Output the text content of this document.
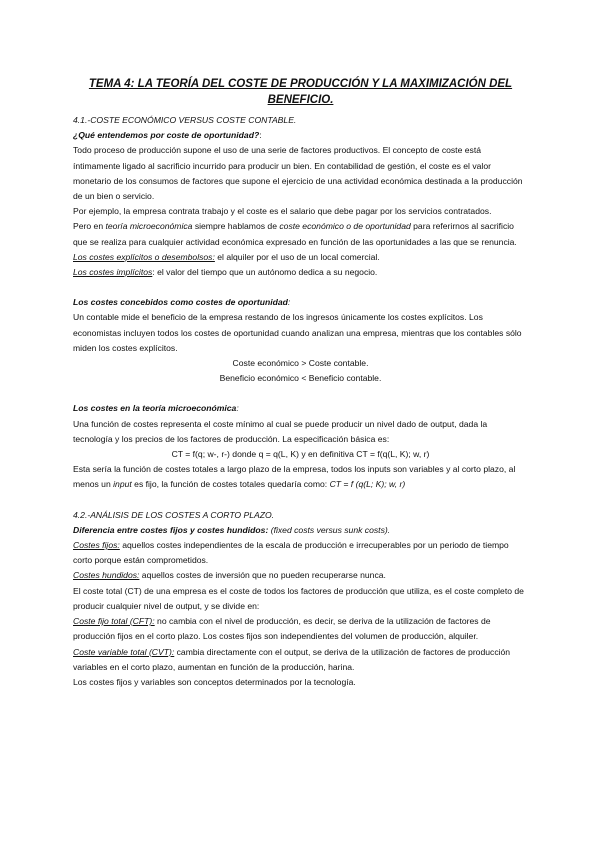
TEMA 4: LA TEORÍA DEL COSTE DE PRODUCCIÓN Y LA MAXIMIZACIÓN DEL BENEFICIO.

4.1.-COSTE ECONÓMICO VERSUS COSTE CONTABLE.

¿Qué entendemos por coste de oportunidad?:

Todo proceso de producción supone el uso de una serie de factores productivos. El concepto de coste está íntimamente ligado al sacrificio incurrido para producir un bien. En contabilidad de gestión, el coste es el valor monetario de los consumos de factores que supone el ejercicio de una actividad económica destinada a la producción de un bien o servicio.

Por ejemplo, la empresa contrata trabajo y el coste es el salario que debe pagar por los servicios contratados.

Pero en teoría microeconómica siempre hablamos de coste económico o de oportunidad para referirnos al sacrificio que se realiza para cualquier actividad económica expresado en función de las oportunidades a las que se renuncia.

Los costes explícitos o desembolsos: el alquiler por el uso de un local comercial.

Los costes implícitos: el valor del tiempo que un autónomo dedica a su negocio.

Los costes concebidos como costes de oportunidad:

Un contable mide el beneficio de la empresa restando de los ingresos únicamente los costes explícitos. Los economistas incluyen todos los costes de oportunidad cuando analizan una empresa, mientras que los contables sólo miden los costes explícitos.

Coste económico > Coste contable.

Beneficio económico < Beneficio contable.

Los costes en la teoría microeconómica:

Una función de costes representa el coste mínimo al cual se puede producir un nivel dado de output, dada la tecnología y los precios de los factores de producción. La especificación básica es:

CT = f(q; w-, r-) donde q = q(L, K) y en definitiva CT = f(q(L, K); w, r)

Esta sería la función de costes totales a largo plazo de la empresa, todos los inputs son variables y al corto plazo, al menos un input es fijo, la función de costes totales quedaría como: CT = f (q(L; K); w, r)

4.2.-ANÁLISIS DE LOS COSTES A CORTO PLAZO.

Diferencia entre costes fijos y costes hundidos: (fixed costs versus sunk costs).

Costes fijos: aquellos costes independientes de la escala de producción e irrecuperables por un periodo de tiempo corto porque están comprometidos.

Costes hundidos: aquellos costes de inversión que no pueden recuperarse nunca.

El coste total (CT) de una empresa es el coste de todos los factores de producción que utiliza, es el coste completo de producir cualquier nivel de output, y se divide en:

Coste fijo total (CFT): no cambia con el nivel de producción, es decir, se deriva de la utilización de factores de producción fijos en el corto plazo. Los costes fijos son independientes del volumen de producción, alquiler.

Coste variable total (CVT): cambia directamente con el output, se deriva de la utilización de factores de producción variables en el corto plazo, aumentan en función de la producción, harina.

Los costes fijos y variables son conceptos determinados por la tecnología.
